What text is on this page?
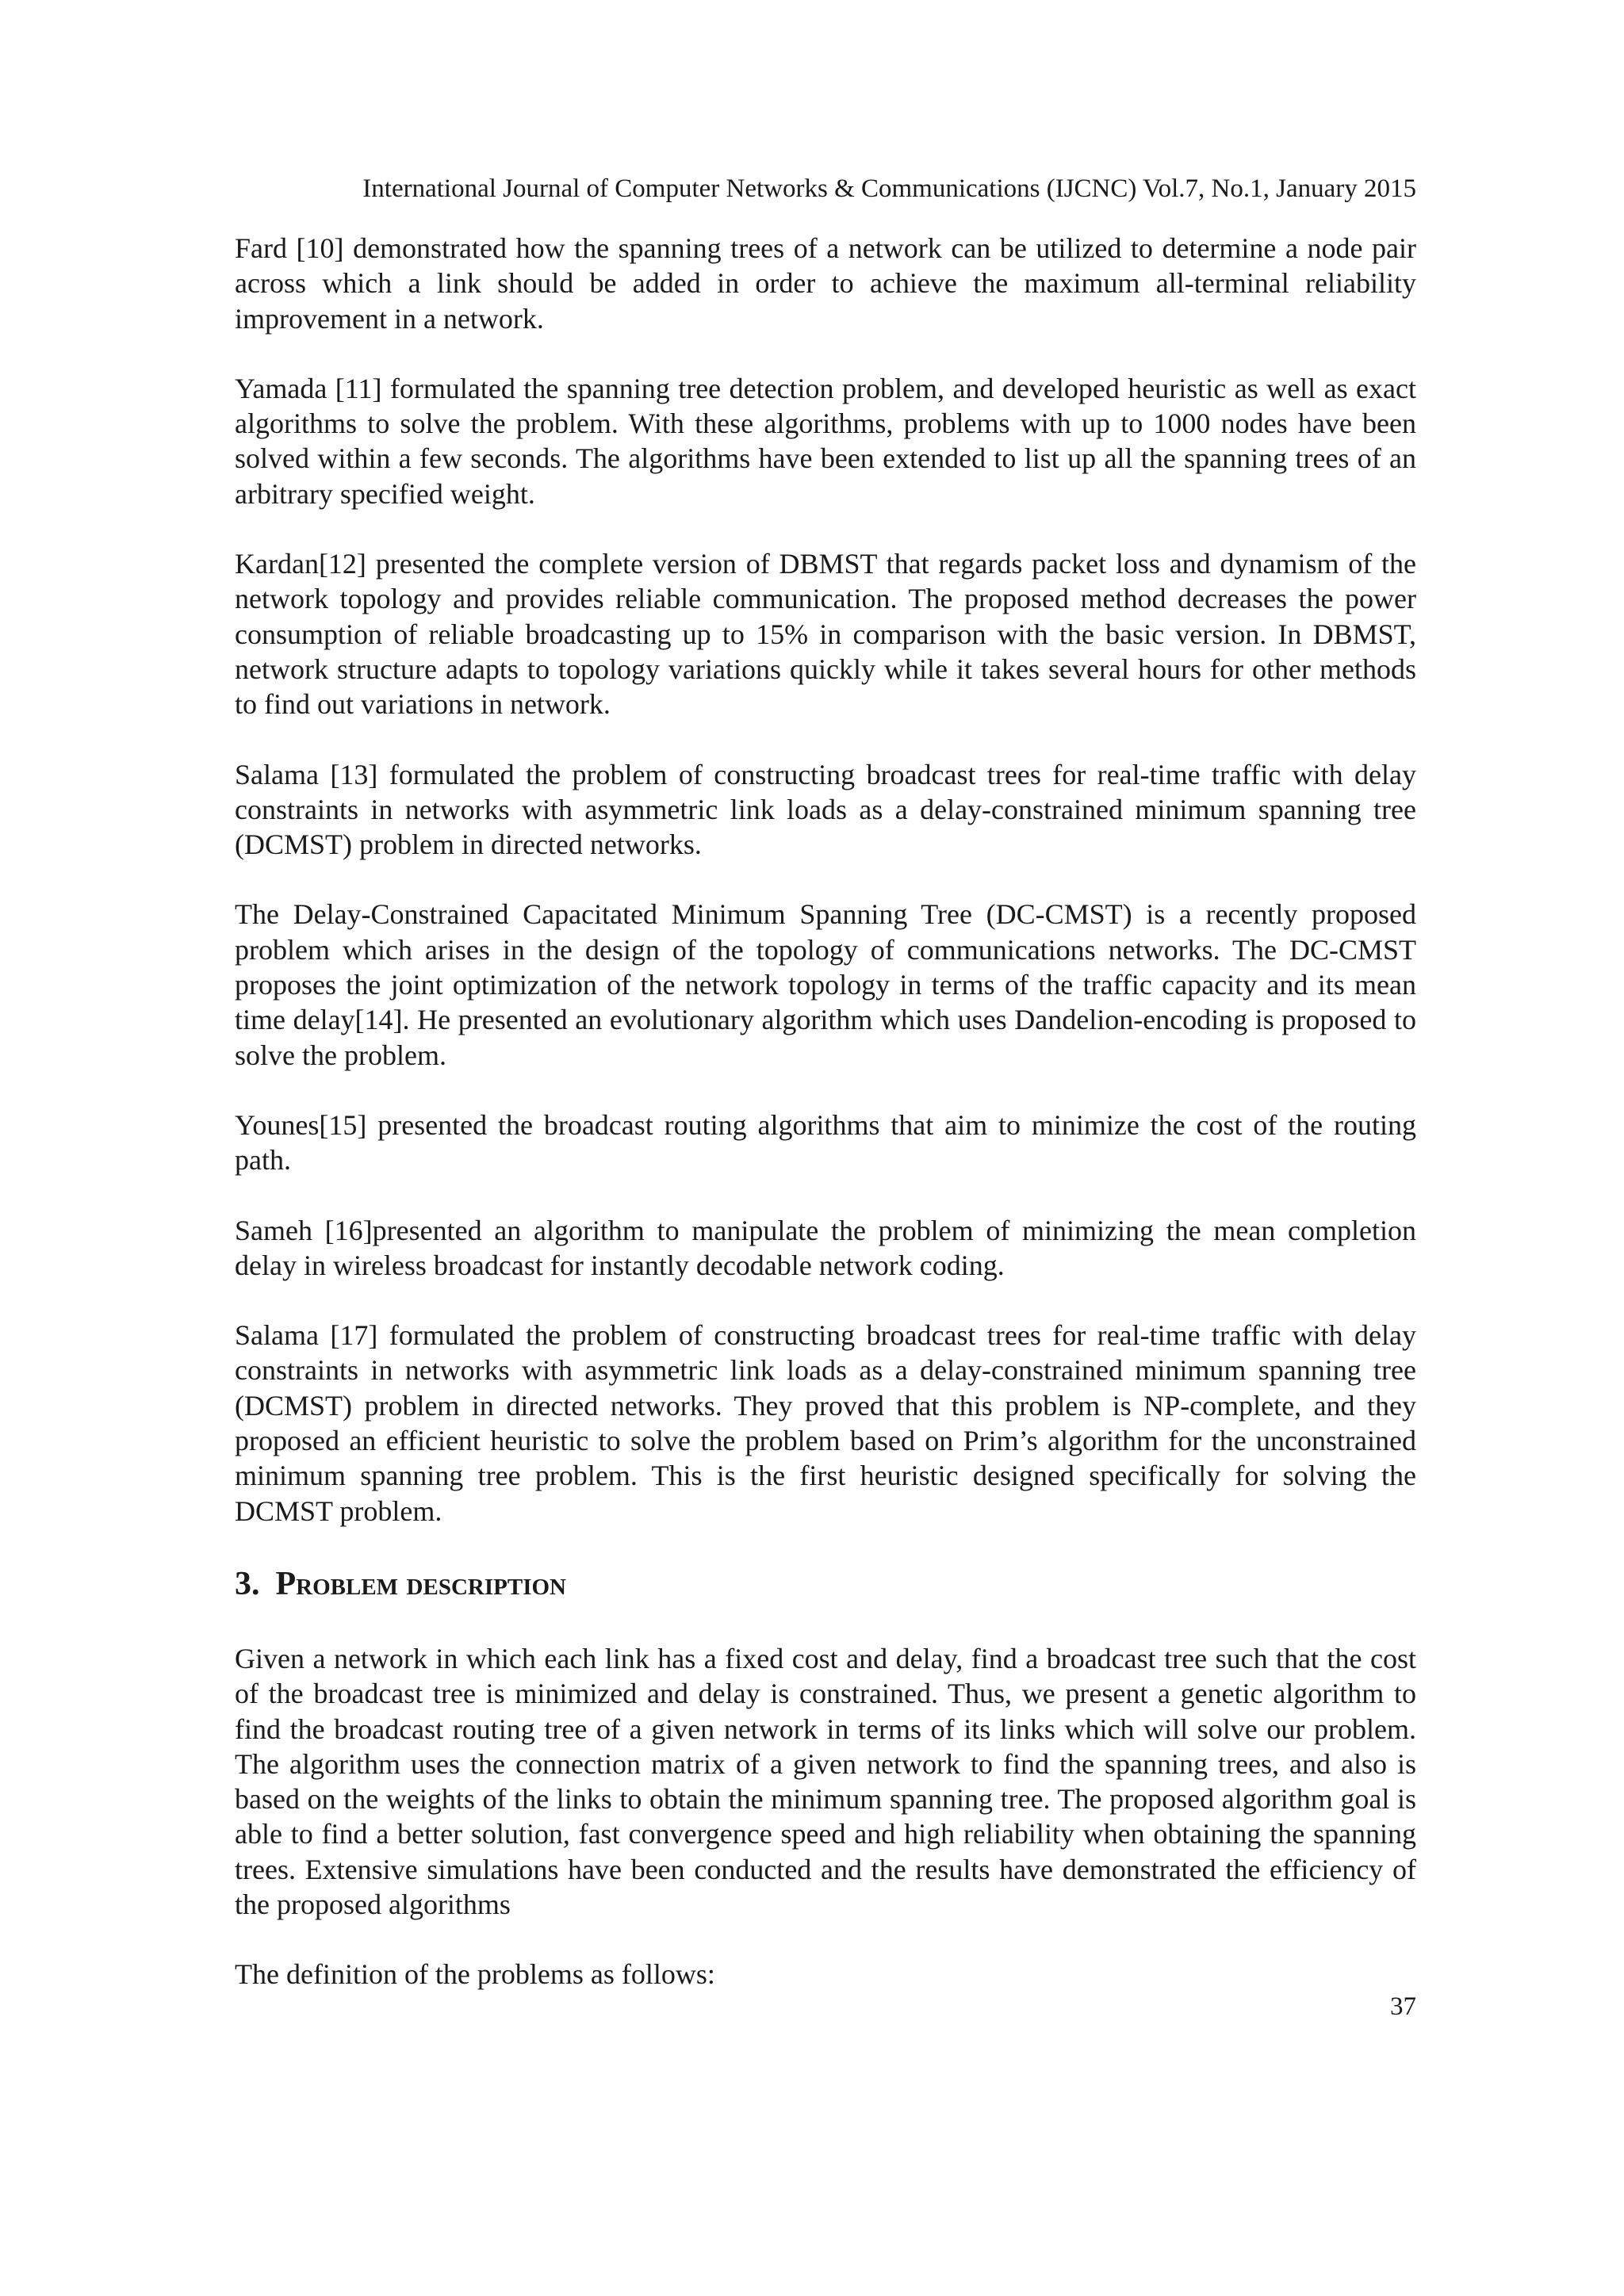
International Journal of Computer Networks & Communications (IJCNC) Vol.7, No.1, January 2015

Fard [10] demonstrated how the spanning trees of a network can be utilized to determine a node pair across which a link should be added in order to achieve the maximum all-terminal reliability improvement in a network.

Yamada [11] formulated the spanning tree detection problem, and developed heuristic as well as exact algorithms to solve the problem. With these algorithms, problems with up to 1000 nodes have been solved within a few seconds. The algorithms have been extended to list up all the spanning trees of an arbitrary specified weight.

Kardan[12] presented the complete version of DBMST that regards packet loss and dynamism of the network topology and provides reliable communication. The proposed method decreases the power consumption of reliable broadcasting up to 15% in comparison with the basic version. In DBMST, network structure adapts to topology variations quickly while it takes several hours for other methods to find out variations in network.

Salama [13] formulated the problem of constructing broadcast trees for real-time traffic with delay constraints in networks with asymmetric link loads as a delay-constrained minimum spanning tree (DCMST) problem in directed networks.

The Delay-Constrained Capacitated Minimum Spanning Tree (DC-CMST) is a recently proposed problem which arises in the design of the topology of communications networks. The DC-CMST proposes the joint optimization of the network topology in terms of the traffic capacity and its mean time delay[14]. He presented an evolutionary algorithm which uses Dandelion-encoding is proposed to solve the problem.

Younes[15] presented the broadcast routing algorithms that aim to minimize the cost of the routing path.

Sameh [16]presented an algorithm to manipulate the problem of minimizing the mean completion delay in wireless broadcast for instantly decodable network coding.

Salama [17] formulated the problem of constructing broadcast trees for real-time traffic with delay constraints in networks with asymmetric link loads as a delay-constrained minimum spanning tree (DCMST) problem in directed networks. They proved that this problem is NP-complete, and they proposed an efficient heuristic to solve the problem based on Prim’s algorithm for the unconstrained minimum spanning tree problem. This is the first heuristic designed specifically for solving the DCMST problem.

3. Problem description

Given a network in which each link has a fixed cost and delay, find a broadcast tree such that the cost of the broadcast tree is minimized and delay is constrained. Thus, we present a genetic algorithm to find the broadcast routing tree of a given network in terms of its links which will solve our problem. The algorithm uses the connection matrix of a given network to find the spanning trees, and also is based on the weights of the links to obtain the minimum spanning tree. The proposed algorithm goal is able to find a better solution, fast convergence speed and high reliability when obtaining the spanning trees. Extensive simulations have been conducted and the results have demonstrated the efficiency of the proposed algorithms

The definition of the problems as follows:

37
